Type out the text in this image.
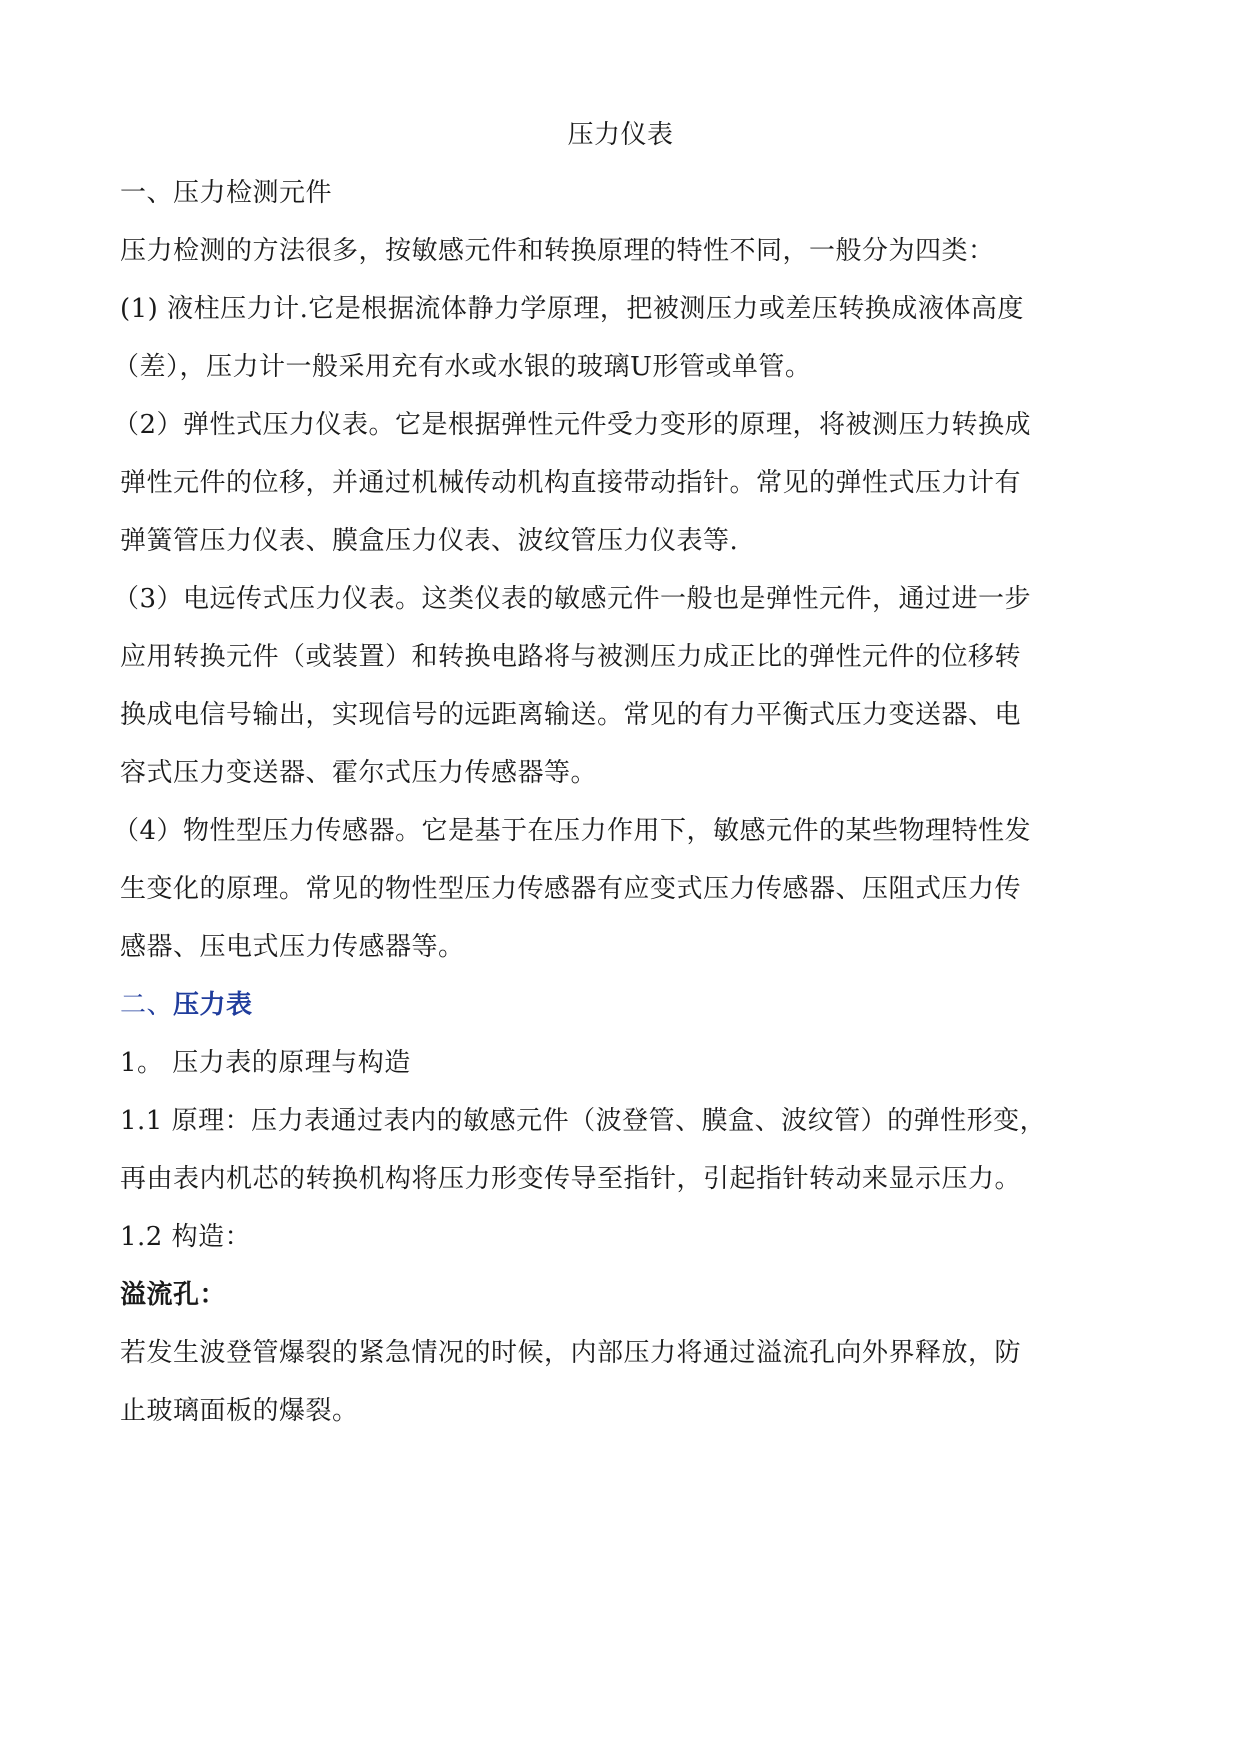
压力仪表
一、压力检测元件
压力检测的方法很多，按敏感元件和转换原理的特性不同，一般分为四类：
(1) 液柱压力计.它是根据流体静力学原理，把被测压力或差压转换成液体高度
（差），压力计一般采用充有水或水银的玻璃U形管或单管。
（2）弹性式压力仪表。它是根据弹性元件受力变形的原理，将被测压力转换成
弹性元件的位移，并通过机械传动机构直接带动指针。常见的弹性式压力计有
弹簧管压力仪表、膜盒压力仪表、波纹管压力仪表等.
（3）电远传式压力仪表。这类仪表的敏感元件一般也是弹性元件，通过进一步
应用转换元件（或装置）和转换电路将与被测压力成正比的弹性元件的位移转
换成电信号输出，实现信号的远距离输送。常见的有力平衡式压力变送器、电
容式压力变送器、霍尔式压力传感器等。
（4）物性型压力传感器。它是基于在压力作用下，敏感元件的某些物理特性发
生变化的原理。常见的物性型压力传感器有应变式压力传感器、压阻式压力传
感器、压电式压力传感器等。
二、压力表
1。 压力表的原理与构造
1.1 原理：压力表通过表内的敏感元件（波登管、膜盒、波纹管）的弹性形变，
再由表内机芯的转换机构将压力形变传导至指针，引起指针转动来显示压力。
1.2 构造：
溢流孔：
若发生波登管爆裂的紧急情况的时候，内部压力将通过溢流孔向外界释放，防
止玻璃面板的爆裂。
